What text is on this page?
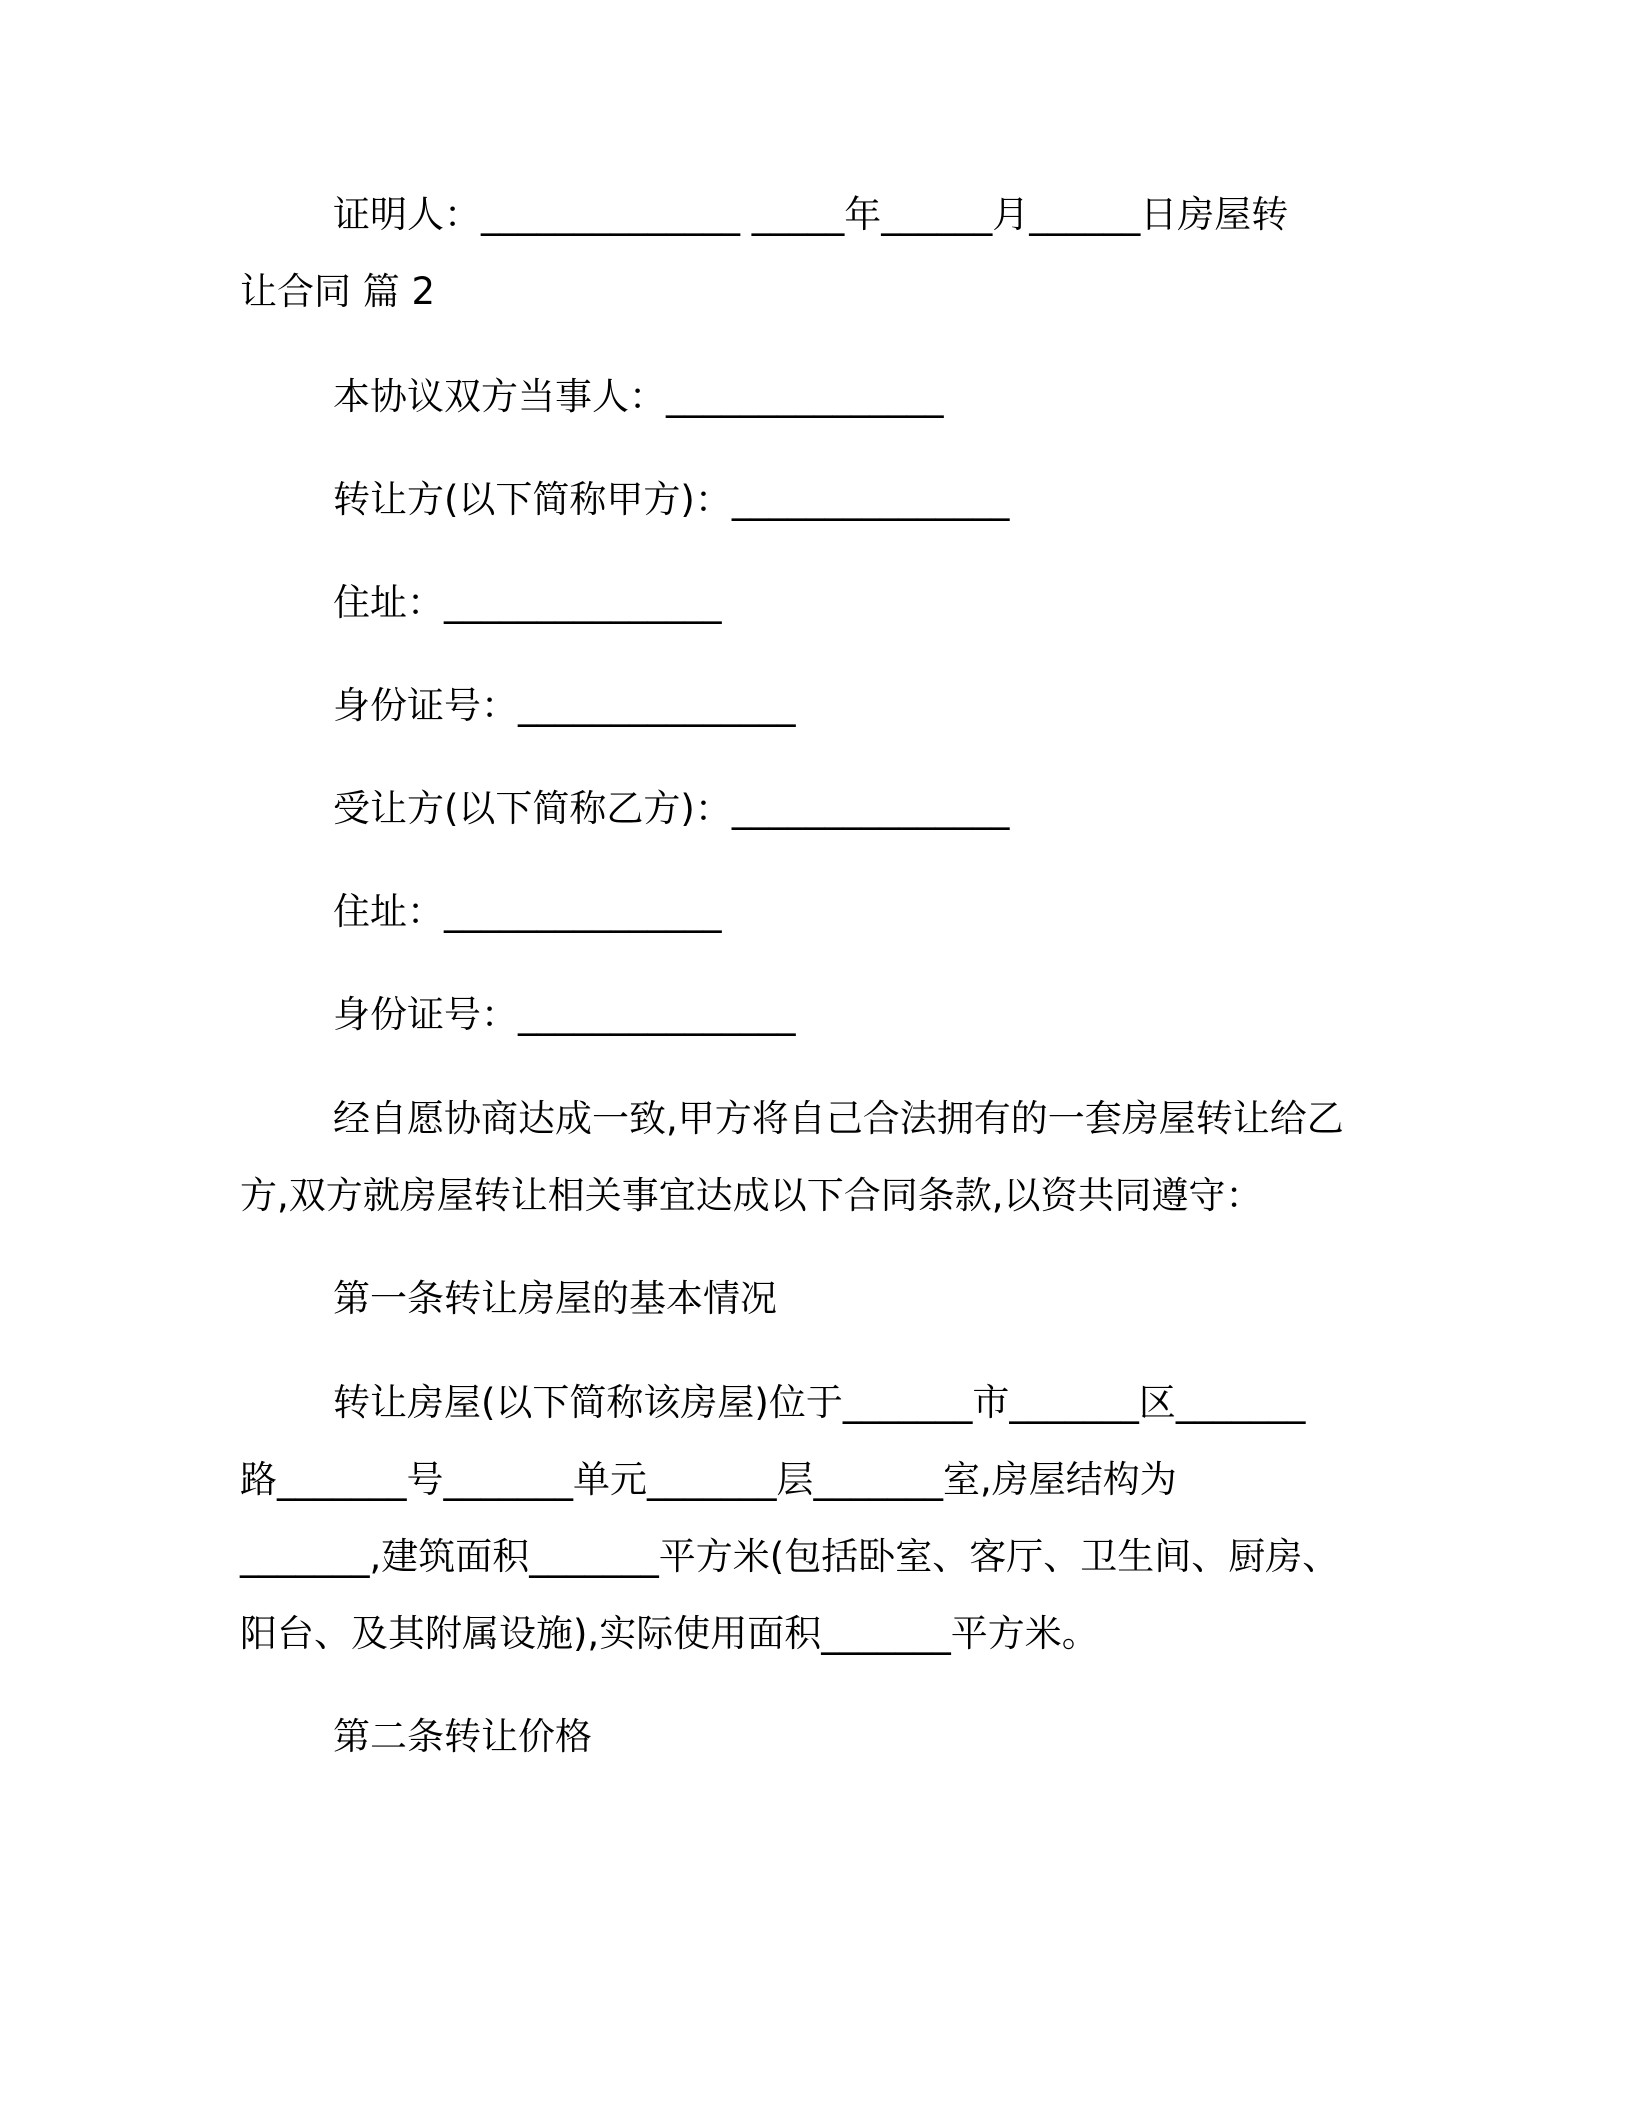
证明人：______________ _____年______月______日房屋转
让合同 篇 2
本协议双方当事人：_______________
转让方(以下简称甲方)：_______________
住址：_______________
身份证号：_______________
受让方(以下简称乙方)：_______________
住址：_______________
身份证号：_______________
经自愿协商达成一致,甲方将自己合法拥有的一套房屋转让给乙
方,双方就房屋转让相关事宜达成以下合同条款,以资共同遵守：
第一条转让房屋的基本情况
转让房屋(以下简称该房屋)位于_______市_______区_______
路_______号_______单元_______层_______室,房屋结构为
_______,建筑面积_______平方米(包括卧室、客厅、卫生间、厨房、
阳台、及其附属设施),实际使用面积_______平方米。
第二条转让价格
